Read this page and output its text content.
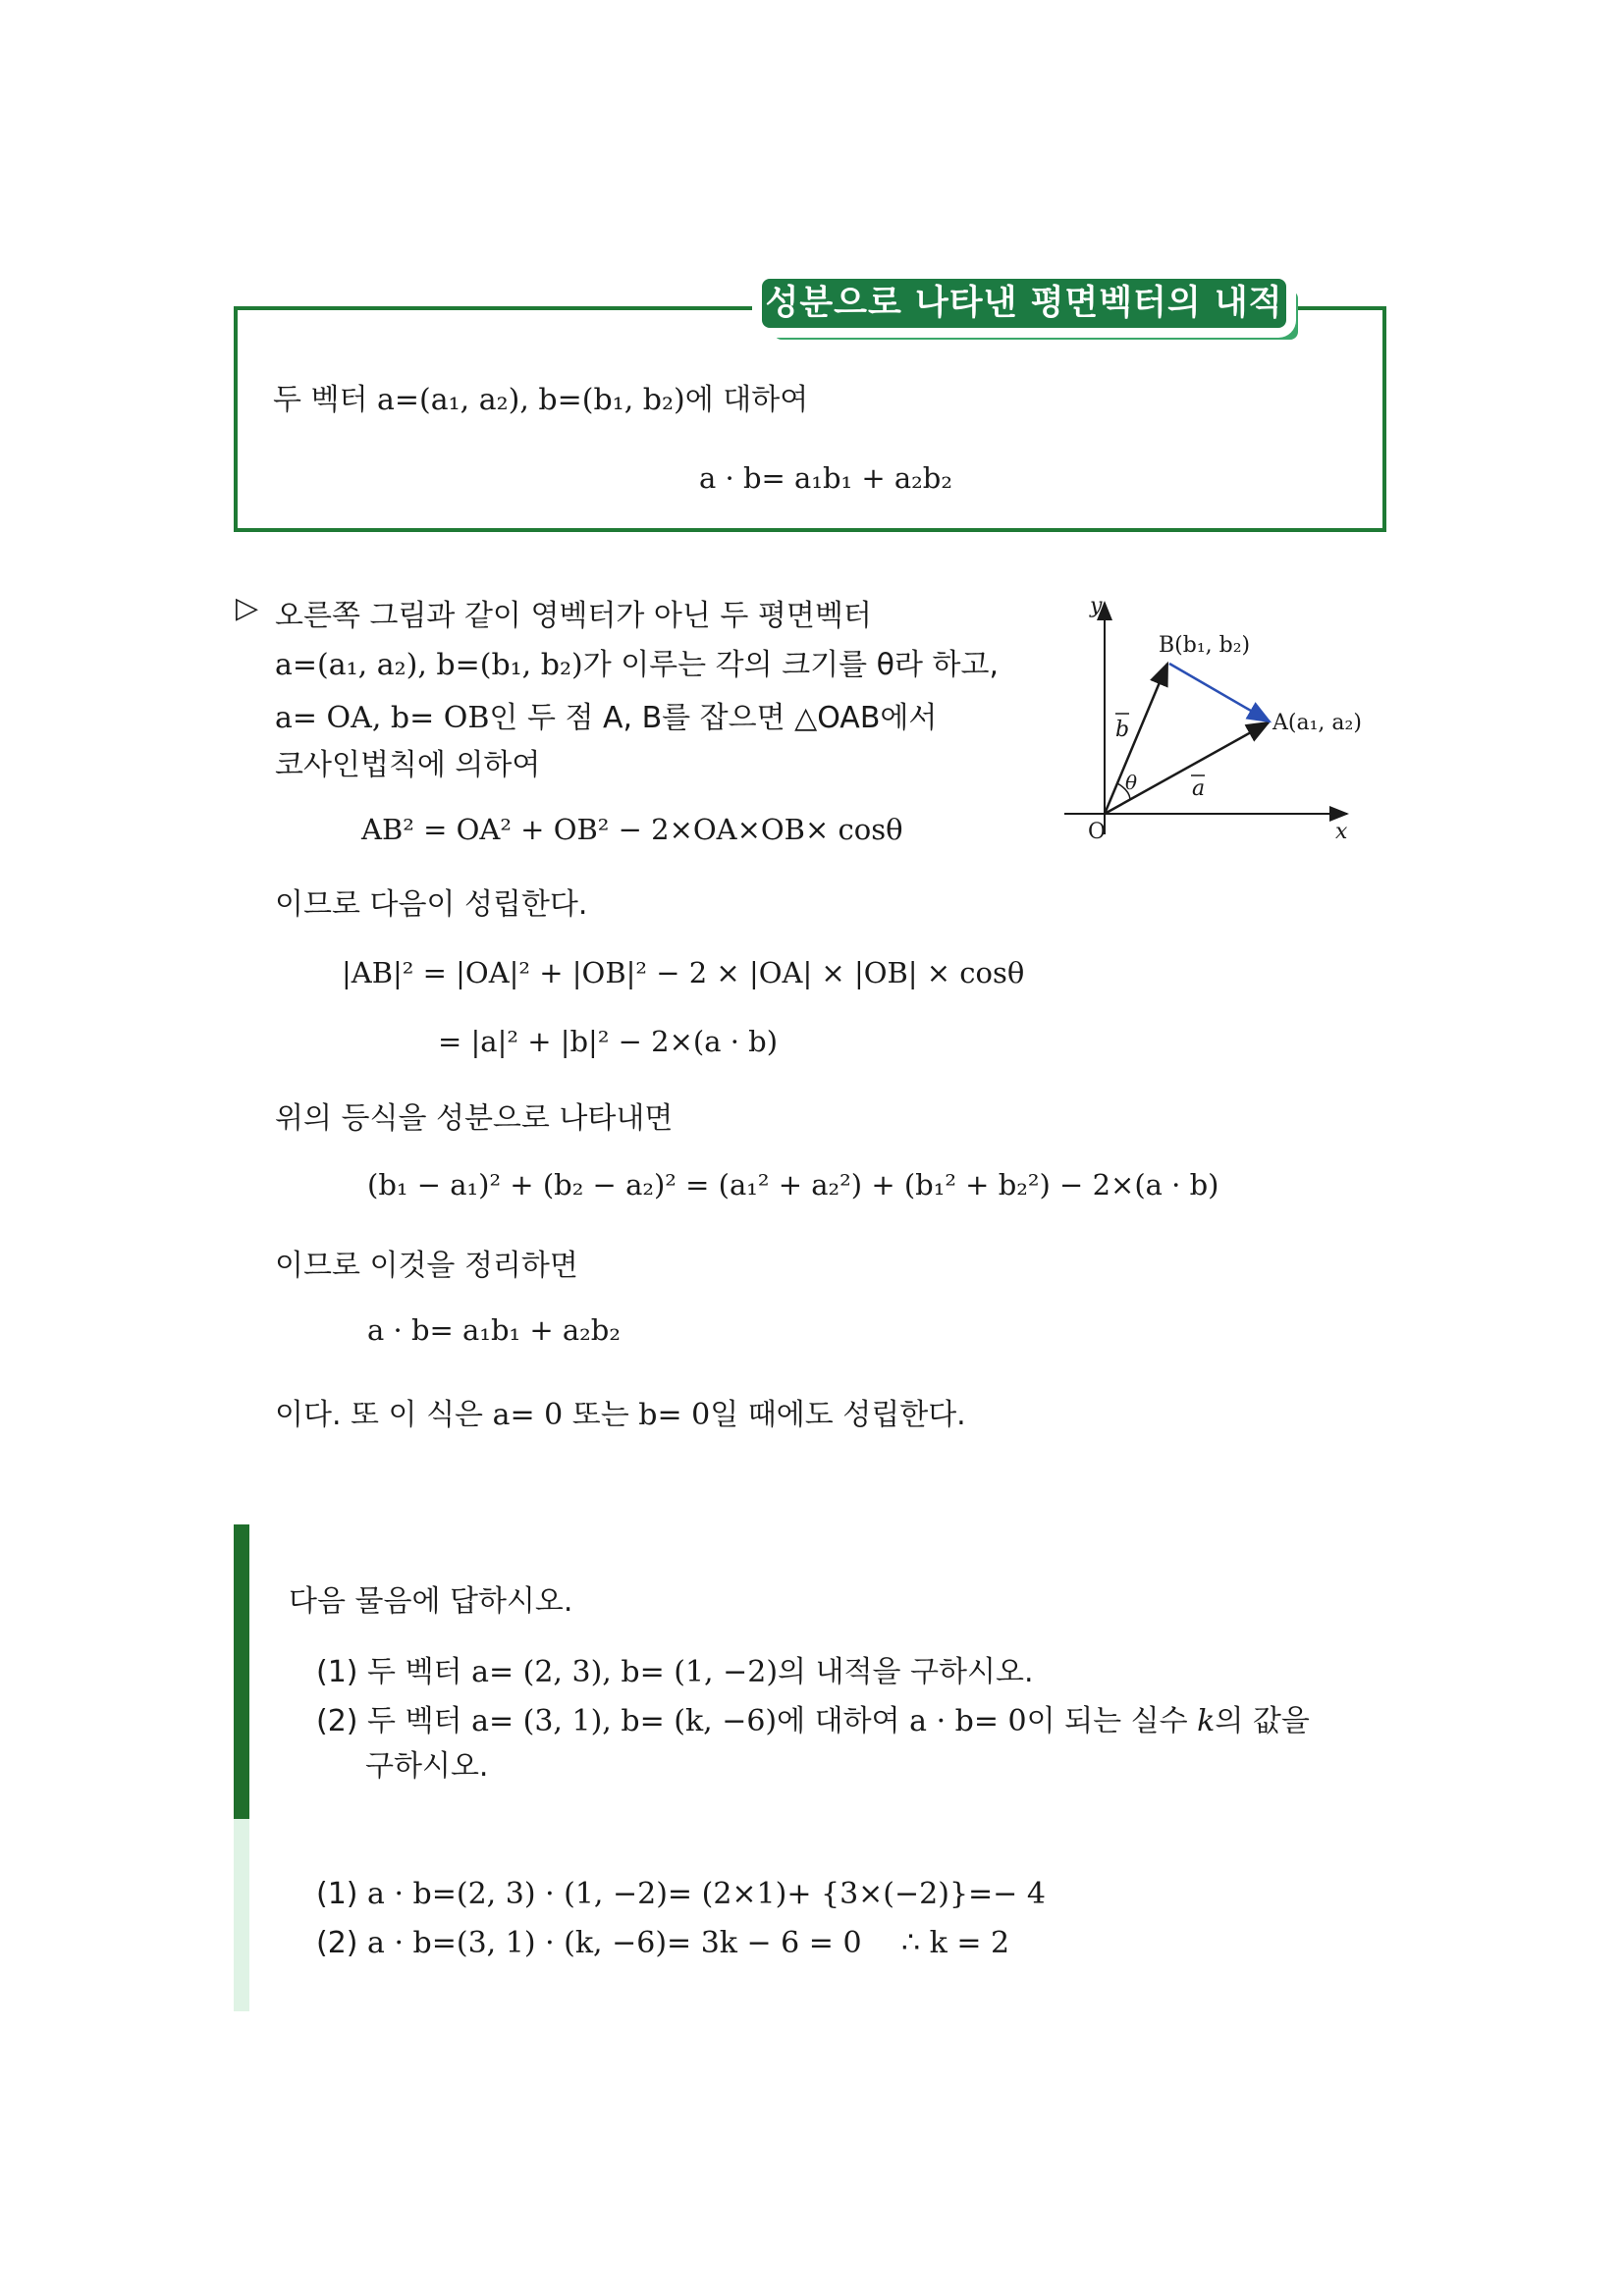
성분으로 나타낸 평면벡터의 내적
두 벡터 a=(a₁, a₂), b=(b₁, b₂)에 대하여
a · b= a₁b₁ + a₂b₂
▷ 오른쪽 그림과 같이 영벡터가 아닌 두 평면벡터
a=(a₁, a₂), b=(b₁, b₂)가 이루는 각의 크기를 θ라 하고,
a= OA, b= OB인 두 점 A, B를 잡으면 △OAB에서
코사인법칙에 의하여
AB² = OA² + OB² − 2×OA×OB× cosθ
이므로 다음이 성립한다.
|AB|² = |OA|² + |OB|² − 2 × |OA| × |OB| × cosθ
= |a|² + |b|² − 2×(a · b)
위의 등식을 성분으로 나타내면
(b₁ − a₁)² + (b₂ − a₂)² = (a₁² + a₂²) + (b₁² + b₂²) − 2×(a · b)
이므로 이것을 정리하면
a · b= a₁b₁ + a₂b₂
이다. 또 이 식은 a= 0 또는 b= 0일 때에도 성립한다.
y
x
O
B(b₁, b₂)
A(a₁, a₂)
b
a
θ
다음 물음에 답하시오.
(1) 두 벡터 a= (2, 3), b= (1, −2)의 내적을 구하시오.
(2) 두 벡터 a= (3, 1), b= (k, −6)에 대하여 a · b= 0이 되는 실수 k의 값을
구하시오.
(1) a · b=(2, 3) · (1, −2)= (2×1)+ {3×(−2)}=− 4
(2) a · b=(3, 1) · (k, −6)= 3k − 6 = 0 ∴ k = 2
